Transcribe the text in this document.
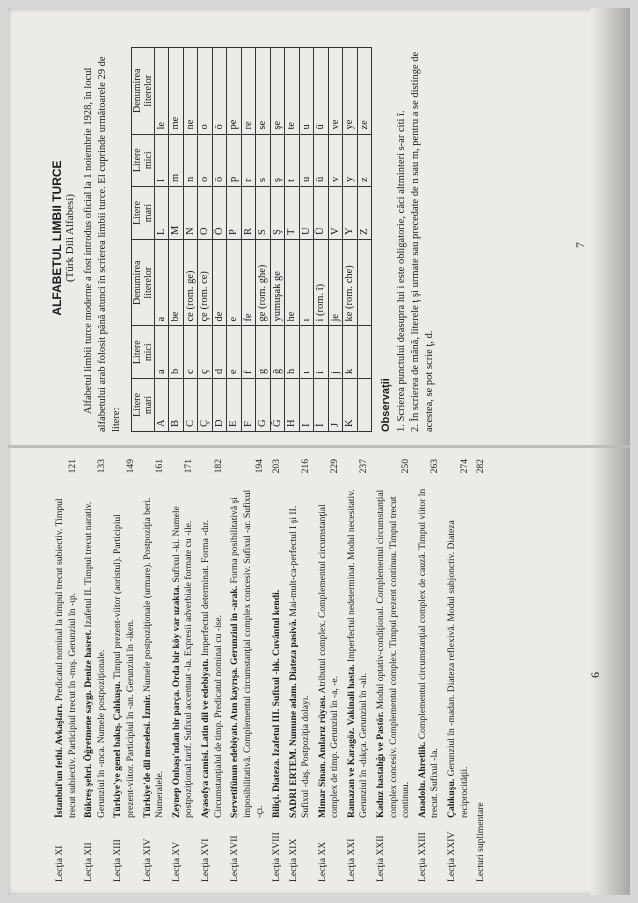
ALFABETUL LIMBII TURCE (Türk Dili Alfabesi) Alfabetul limbii turce moderne a fost introdus oficial la 1 noiembrie 1928, în locul alfabetului arab folosit până atunci în scrierea limbii turce. El cuprinde următoarele 29 de litere:

Litere mari	Litere mici	Denumirea literelor	Litere mari	Litere mici	Denumirea literelor
A	a	a	L	l	le
B	b	be	M	m	me
C	c	ce (rom. ge)	N	n	ne
Ç	ç	çe (rom. ce)	O	o	o
D	d	de	Ö	ö	ö
E	e	e	P	p	pe
F	f	fe	R	r	re
G	g	ge (rom. ghe)	S	s	se
Ğ	ğ	yumuşak ge	Ş	ş	şe
H	h	he	T	t	te
I	ı	ı	U	u	u
İ	i	i (rom. î)	Ü	ü	ü
J	j	je	V	v	ve
K	k	ke (rom. che)	Y	y	ye
			Z	z	ze
Observaţii 1. Scrierea punctului deasupra lui i este obligatorie, căci altminteri s-ar citi î. 2. În scrierea de mână, literele ţ şi urmate sau precedate de n sau m, pentru a se distinge de acestea, se pot scrie ţ, d.

7
Lecţia XI
İstanbul'un fethi. Avkaşları. Predicatul nominal la timpul trecut subiectiv. Timpul trecut subiectiv. Participiul trecut în -mış. Gerunziul în -ıp.
121
Lecţia XII
Bükreş şehri. Öğretmene saygı. Denize hasret. Izafetul II. Timpul trecut narativ. Gerunziul în -ınca. Numele postpoziţionale.
133
Lecţia XIII
Türkiye'ye genel bakış. Çalıkuşu. Timpul prezent-viitor (aoristul). Participiul prezent-viitor. Participiul în -an. Gerunziul în -iken.
149
Lecţia XIV
Türkiye'de dil meselesi. İzmir. Numele postpoziţionale (urmare). Postpoziţia beri. Numeralele.
161
Lecţia XV
Zeynep Onbaşı'ndan bir parça. Orda bir köy var uzakta. Sufixul -ki. Numele postpoziţional tarif. Sufixul accentuat -la. Expresii adverbiale formate cu -ile.
171
Lecţia XVI
Ayasofya camisi. Latin dil ve edebiyatı. Imperfectul determinat. Forma -dır. Circumstanţialul de timp. Predicatul nominal cu -ise.
182
Lecţia XVII
Servetifünun edebiyatı. Atın kayrışa. Gerunziul în -arak. Forma posibilitativă şi imposibilitativă. Complementul circumstanţial complex concesiv. Sufixul -ar. Sufixul -çı.
194
Lecţia XVIII
Biliçi. Diateza. Izafetul III. Sufixul -lık. Cuvântul kendi.
203
Lecţia XIX
SADRI ERTEM. Numune adam. Diateza pasivă. Mai-mult-ca-perfectul I şi II. Sufixul -daş. Postpoziţia dolayı.
216
Lecţia XX
Mimar Sinan. Anılarız rüyası. Atributul complex. Complementul circumstanţial complex de timp. Gerunziul în -a, -e.
229
Lecţia XXI
Ramazan ve Karagöz. Vakinali hasta. Imperfectul nedeterminat. Modul necesitativ. Gerunziul în -dıkça. Gerunziul în -alı.
237
Lecţia XXII
Kadıız hastalığı ve Pastör. Modul optativ-condiţional. Complementul circumstanţial complex concesiv. Complementul complex. Timpul prezent continuu. Timpul trecut continuu.
250
Lecţia XXIII
Anadolu. Ahretlik. Complementul circumstanţial complex de cauză. Timpul viitor în trecut. Sufixul -la.
263
Lecţia XXIV
Çalıkuşu. Gerunziul în -madan. Diateza reflexivă. Modul subjonctiv. Diateza reciprocităţii.
274
Lecturi suplimentare
282
6
